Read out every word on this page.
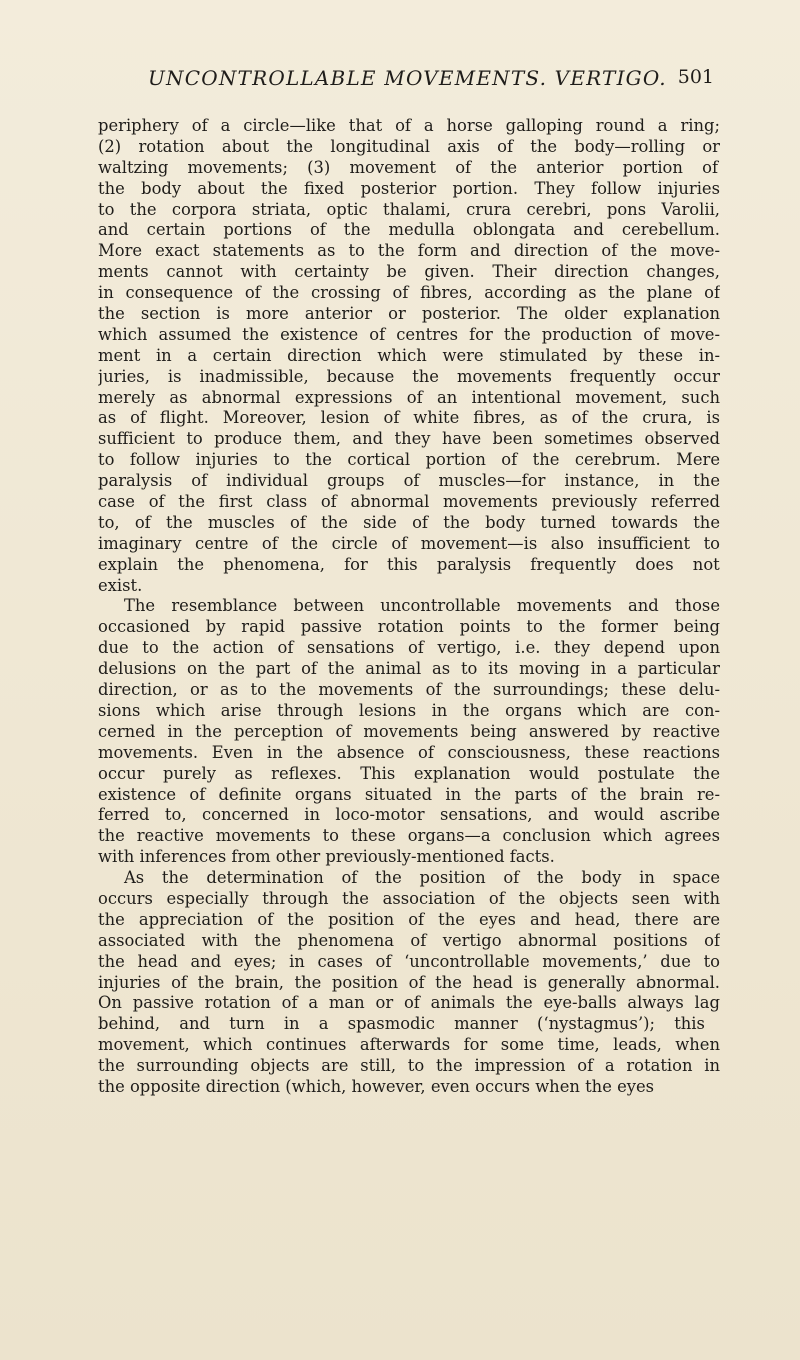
UNCONTROLLABLE MOVEMENTS. VERTIGO. 501
periphery of a circle—like that of a horse galloping round a ring;
(2) rotation about the longitudinal axis of the body—rolling or
waltzing movements; (3) movement of the anterior portion of
the body about the fixed posterior portion. They follow injuries
to the corpora striata, optic thalami, crura cerebri, pons Varolii,
and certain portions of the medulla oblongata and cerebellum.
More exact statements as to the form and direction of the move-
ments cannot with certainty be given. Their direction changes,
in consequence of the crossing of fibres, according as the plane of
the section is more anterior or posterior. The older explanation
which assumed the existence of centres for the production of move-
ment in a certain direction which were stimulated by these in-
juries, is inadmissible, because the movements frequently occur
merely as abnormal expressions of an intentional movement, such
as of flight. Moreover, lesion of white fibres, as of the crura, is
sufficient to produce them, and they have been sometimes observed
to follow injuries to the cortical portion of the cerebrum. Mere
paralysis of individual groups of muscles—for instance, in the
case of the first class of abnormal movements previously referred
to, of the muscles of the side of the body turned towards the
imaginary centre of the circle of movement—is also insufficient to
explain the phenomena, for this paralysis frequently does not
exist.
The resemblance between uncontrollable movements and those
occasioned by rapid passive rotation points to the former being
due to the action of sensations of vertigo, i.e. they depend upon
delusions on the part of the animal as to its moving in a particular
direction, or as to the movements of the surroundings; these delu-
sions which arise through lesions in the organs which are con-
cerned in the perception of movements being answered by reactive
movements. Even in the absence of consciousness, these reactions
occur purely as reflexes. This explanation would postulate the
existence of definite organs situated in the parts of the brain re-
ferred to, concerned in loco-motor sensations, and would ascribe
the reactive movements to these organs—a conclusion which agrees
with inferences from other previously-mentioned facts.
As the determination of the position of the body in space
occurs especially through the association of the objects seen with
the appreciation of the position of the eyes and head, there are
associated with the phenomena of vertigo abnormal positions of
the head and eyes; in cases of ‘uncontrollable movements,’ due to
injuries of the brain, the position of the head is generally abnormal.
On passive rotation of a man or of animals the eye-balls always lag
behind, and turn in a spasmodic manner (‘nystagmus’); this
movement, which continues afterwards for some time, leads, when
the surrounding objects are still, to the impression of a rotation in
the opposite direction (which, however, even occurs when the eyes
